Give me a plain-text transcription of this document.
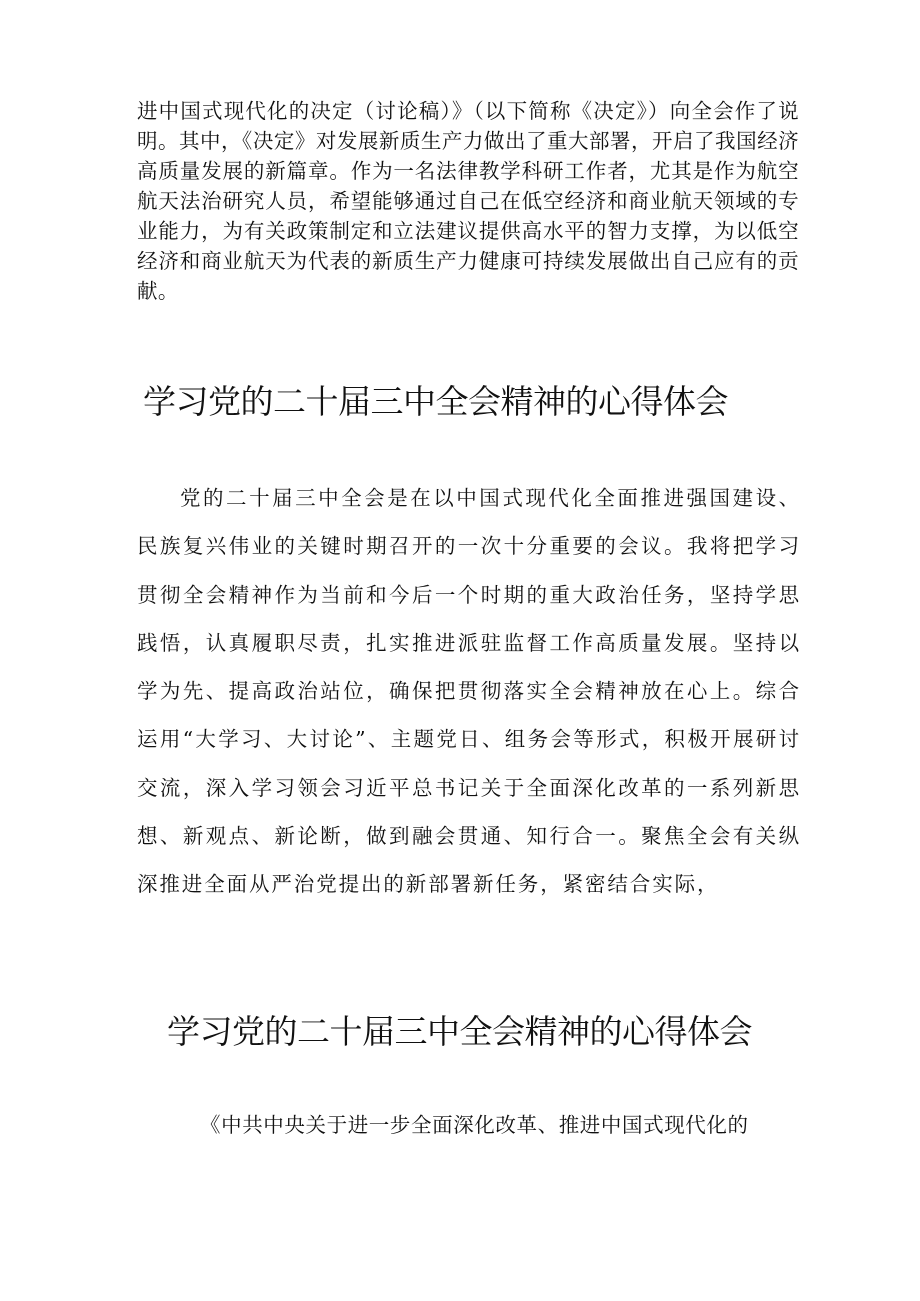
进中国式现代化的决定（讨论稿）》（以下简称《决定》）向全会作了说明。其中，《决定》对发展新质生产力做出了重大部署，开启了我国经济高质量发展的新篇章。作为一名法律教学科研工作者，尤其是作为航空航天法治研究人员，希望能够通过自己在低空经济和商业航天领域的专业能力，为有关政策制定和立法建议提供高水平的智力支撑，为以低空经济和商业航天为代表的新质生产力健康可持续发展做出自己应有的贡献。

学习党的二十届三中全会精神的心得体会

党的二十届三中全会是在以中国式现代化全面推进强国建设、民族复兴伟业的关键时期召开的一次十分重要的会议。我将把学习贯彻全会精神作为当前和今后一个时期的重大政治任务，坚持学思践悟，认真履职尽责，扎实推进派驻监督工作高质量发展。坚持以学为先、提高政治站位，确保把贯彻落实全会精神放在心上。综合运用“大学习、大讨论”、主题党日、组务会等形式，积极开展研讨交流，深入学习领会习近平总书记关于全面深化改革的一系列新思想、新观点、新论断，做到融会贯通、知行合一。聚焦全会有关纵深推进全面从严治党提出的新部署新任务，紧密结合实际，

学习党的二十届三中全会精神的心得体会

《中共中央关于进一步全面深化改革、推进中国式现代化的
